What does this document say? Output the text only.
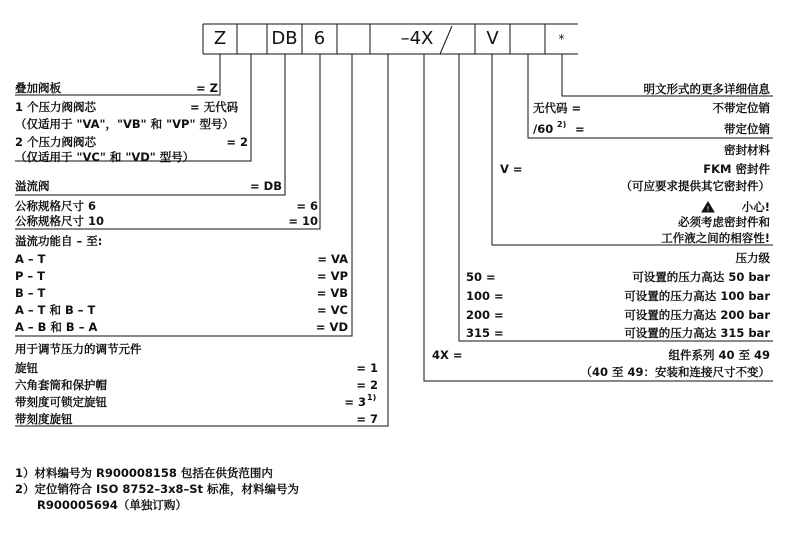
!
Z	DB 6	–4X	V	*
叠加阀板	= Z
1 个压力阀阀芯	= 无代码
（仅适用于 "VA"，"VB" 和 "VP" 型号）
2 个压力阀阀芯	= 2
（仅适用于 "VC" 和 "VD" 型号）
溢流阀	= DB
公称规格尺寸 6	= 6
公称规格尺寸 10	= 10
溢流功能自 – 至:
A – T	= VA
P – T	= VP
B – T	= VB
A – T 和 B – T	= VC
A – B 和 B – A	= VD
用于调节压力的调节元件
旋钮	= 1
六角套筒和保护帽	= 2
带刻度可锁定旋钮	= 3 1)
带刻度旋钮	= 7
明文形式的更多详细信息
无代码 =	不带定位销
/60 2) =	带定位销
密封材料
V =	FKM 密封件
（可应要求提供其它密封件）
小心!
必须考虑密封件和
工作液之间的相容性!
压力级
50 =	可设置的压力高达 50 bar
100 =	可设置的压力高达 100 bar
200 =	可设置的压力高达 200 bar
315 =	可设置的压力高达 315 bar
4X =	组件系列 40 至 49
（40 至 49：安装和连接尺寸不变）
1）材料编号为 R900008158 包括在供货范围内
2）定位销符合 ISO 8752–3x8–St 标准，材料编号为
R900005694（单独订购）
